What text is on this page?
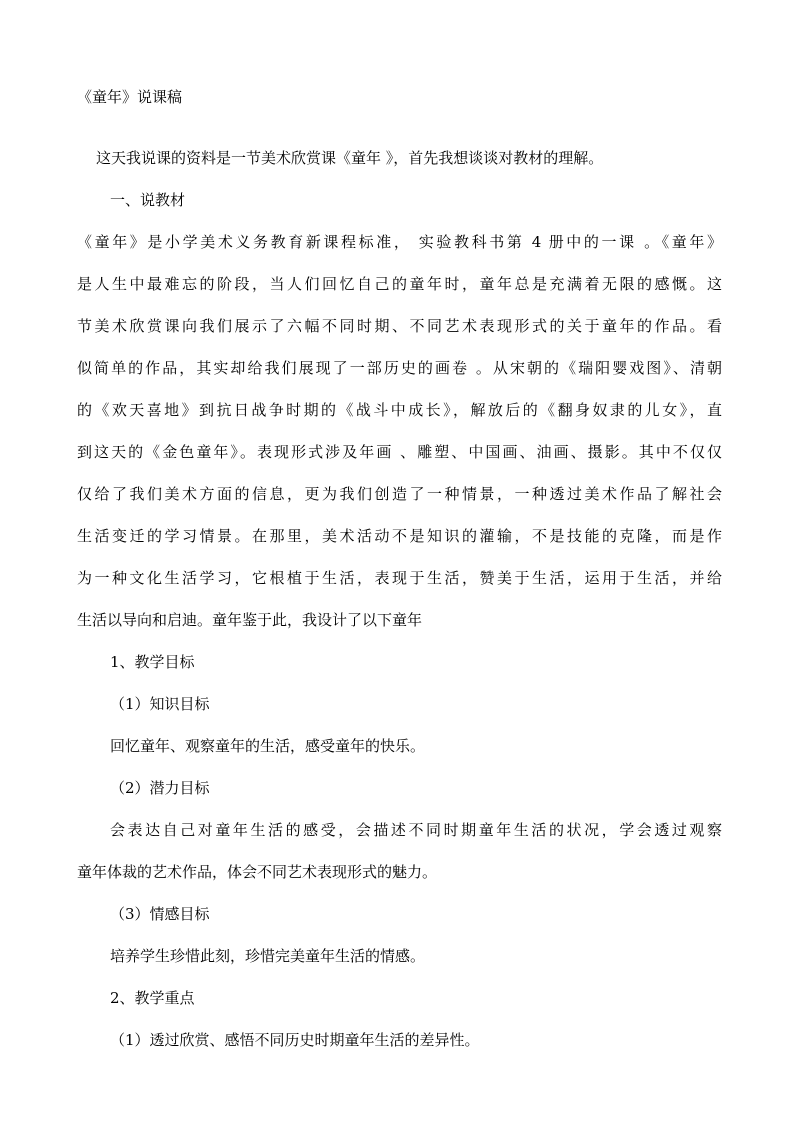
《童年》说课稿
这天我说课的资料是一节美术欣赏课《童年 》，首先我想谈谈对教材的理解。
一、说教材
《童年》是小学美术义务教育新课程标准， 实验教科书第 4 册中的一课 。《童年》
是人生中最难忘的阶段，当人们回忆自己的童年时，童年总是充满着无限的感慨。这
节美术欣赏课向我们展示了六幅不同时期、不同艺术表现形式的关于童年的作品。看
似简单的作品，其实却给我们展现了一部历史的画卷 。从宋朝的《瑞阳婴戏图》、清朝
的《欢天喜地》到抗日战争时期的《战斗中成长》，解放后的《翻身奴隶的儿女》，直
到这天的《金色童年》。表现形式涉及年画 、雕塑、中国画、油画、摄影。其中不仅仅
仅给了我们美术方面的信息，更为我们创造了一种情景，一种透过美术作品了解社会
生活变迁的学习情景。在那里，美术活动不是知识的灌输，不是技能的克隆，而是作
为一种文化生活学习，它根植于生活，表现于生活，赞美于生活，运用于生活，并给
生活以导向和启迪。童年鉴于此，我设计了以下童年
1、教学目标
（1）知识目标
回忆童年、观察童年的生活，感受童年的快乐。
（2）潜力目标
会表达自己对童年生活的感受，会描述不同时期童年生活的状况，学会透过观察
童年体裁的艺术作品，体会不同艺术表现形式的魅力。
（3）情感目标
培养学生珍惜此刻，珍惜完美童年生活的情感。
2、教学重点
（1）透过欣赏、感悟不同历史时期童年生活的差异性。
